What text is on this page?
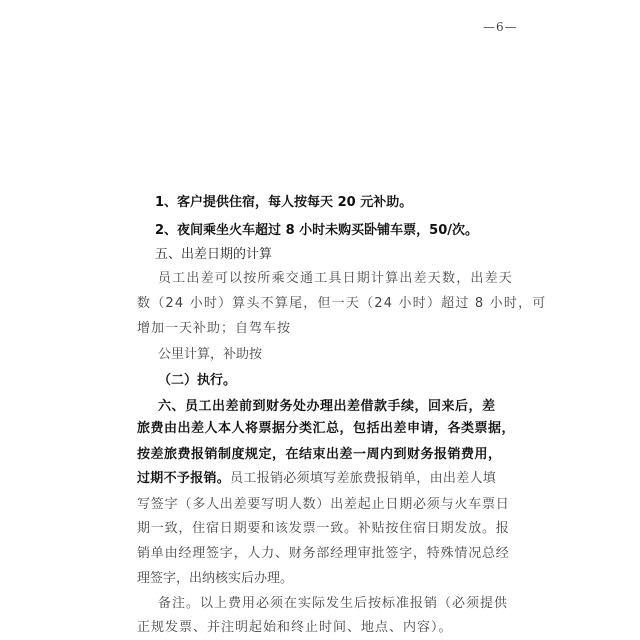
—6—
1、客户提供住宿，每人按每天 20 元补助。
2、夜间乘坐火车超过 8 小时未购买卧铺车票，50/次。
五、出差日期的计算
员工出差可以按所乘交通工具日期计算出差天数，出差天
数（24 小时）算头不算尾，但一天（24 小时）超过 8 小时，可
增加一天补助；自驾车按
公里计算，补助按
（二）执行。
六、员工出差前到财务处办理出差借款手续，回来后，差
旅费由出差人本人将票据分类汇总，包括出差申请，各类票据，
按差旅费报销制度规定，在结束出差一周内到财务报销费用，
过期不予报销。员工报销必须填写差旅费报销单，由出差人填
写签字（多人出差要写明人数）出差起止日期必须与火车票日
期一致，住宿日期要和该发票一致。补贴按住宿日期发放。报
销单由经理签字，人力、财务部经理审批签字，特殊情况总经
理签字，出纳核实后办理。
备注。以上费用必须在实际发生后按标准报销（必须提供
正规发票、并注明起始和终止时间、地点、内容）。
